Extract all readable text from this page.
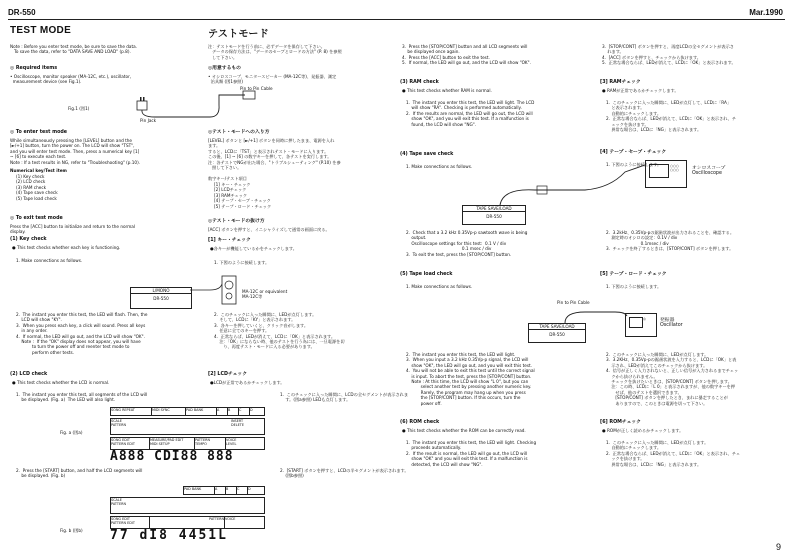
DR-550	Mar.1990
9
TEST MODE
Note : Before you enter test mode, be sure to save the data.
To save the data, refer to "DATA SAVE AND LOAD" (p.8).
◎ Required items
• Oscilloscope, monitor speaker (MA-12C, etc.), oscillator,
measurement device (see Fig.1).
Fig.1 (図1)
Pin Jack
Pin to Pin Cable
◎ To enter test mode
While simultaneously pressing the [LEVEL] button and the
[►/+1] button, turn the power on. The LCD will show "TST",
and you will enter test mode. Then, press a numerical key [1]
~ [6] to execute each test.
Note : If a test results in NG, refer to "Troubleshooting" (p.10).
Numerical key/Test item
(1) Key check
(2) LCD check
(3) RAM check
(4) Tape save check
(5) Tape load check
◎ To exit test mode
Press the [ACC] button to initialize and return to the normal
display.
(1) Key check
● This test checks whether each key is functioning.
1. Make connections as follows.
L/MONO
DR-550
MA-12C or equivalent
MA-12C等
2.  The instant you enter this test, the LED will flash. Then, the
LCD will show "KY".
3.  When you press each key, a click will sound. Press all keys
in any order.
4.  If normal, the LED will go out, and the LCD will show "OK".
Note :  If the "OK" display does not appear, you will have
to turn the power off and reenter test mode to
perform other tests.
(2) LCD check
● This test checks whether the LCD is normal.
1.  The instant you enter this test, all segments of the LCD will
be displayed. (Fig. a)  The LED will also light.
Fig. a (図a)
SONG REPEAT	MIDI SYNC	PAD BANK	A	B	C	D
SCALE	INSERT
PATTERN	DELETE
SONG EDIT
PATTERN EDIT
MEASURE/PAD EDIT
MIDI SETUP
PATTERN
TEMPO
VOICE
LEVEL
A888 CDI88 888
2.  Press the [START] button, and half the LCD segments will
be displayed. (Fig. b)
Fig. b (図b)
PAD BANK	A	B	C	D
SCALE
PATTERN
SONG EDIT
PATTERN EDIT
PATTERN VOICE
77 dI8 4451L
テストモード
注：テストモードを行う前に、必ずデータを保存して下さい。
データの保存方法は、"データのセーブとロードの方法" (P. 8) を参照
して下さい。
◎用意するもの
• オシロスコープ、モニタースピーカー (MA-12C等)、発振器、測定
治具類 (図1参照)
◎テスト・モードへの入り方
[LEVEL] ボタンと [►/+1] ボタンを同時に押したまま、電源を入れ
ます。
すると、LCDに「TST」と表示されテスト・モードに入ります。
この後、[1] ~ [6] の数字キーを押して、各テストを実行します。
注：各テストでNGが出た場合、"トラブルシューティング" (P.10) を参
照して下さい。
数字キー/テスト項目
[1] キー・チェック
[2] LCDチェック
[3] RAMチェック
[4] テープ・セーブ・チェック
[5] テープ・ロード・チェック
◎テスト・モードの抜け方
[ACC] ボタンを押すと、イニシャライズして通常の画面に戻る。
[1] キー・チェック
●各キーが機能しているかをチェックします。
1. 下図のように接続します。
2.  このチェックに入った瞬間に、LEDが点灯します。
そして、LCDに「KY」と表示されます。
3.  各キーを押していくと、クリック音がします。
任意に全てのキーを押す。
4.  正常ならば、LEDが消えて、LCDに「OK」と表示されます。
注：「OK」にならない時、他のテストを行う為には、一旦電源を切
り、再度テスト・モードに入る必要があります。
[2] LCDチェック
●LCDが正常であるかチェックします。
1.  このチェックに入った瞬間に、LCDの全セグメントが表示されま
す。(図a参照) LEDも点灯します。
2.  [START] ボタンを押すと、LCDの半セグメントが表示されます。
(図b参照)
3.  Press the [STOP/CONT] button and all LCD segments will
be displayed once again.
4.  Press the [ACC] button to exit the test.
5.  If normal, the LED will go out, and the LCD will show "OK".
(3) RAM check
● This test checks whether RAM is normal.
1.  The instant you enter this test, the LED will light. The LCD
will show "RA". Checking is performed automatically.
2.  If the results are normal, the LED will go out, the LCD will
show "OK", and you will exit this test. If a malfunction is
found, the LCD will show "NG".
(4) Tape save check
1. Make connections as follows.
TAPE SAVE/LOAD
DR-550
○○○
○○○	オシロスコープ
Oscilloscope
2.  Check that a 3.2 kHz 0.35Vp-p sawtooth wave is being
output.
Oscilloscope settings for this test:  0.1 V / div
0.1 msec / div
3.  To exit the test, press the [STOP/CONT] button.
(5) Tape load check
1. Make connections as follows.
Pin to Pin Cable
TAPE SAVE/LOAD
DR-550
◎	発振器
Oscillator
2.  The instant you enter this test, the LED will light.
3.  When you input a 3.2 kHz 0.35Vp-p signal, the LCD will
show "OK", the LED will go out, and you will exit this test.
4.  You will not be able to exit this test until the correct signal
is input. To abort the test, press the [STOP/CONT] button.
Note : At this time, the LCD will show "L 0", but you can
select another test by pressing another numeric key.
Rarely, the program may hang up when you press
the [STOP/CONT] button. If this occurs, turn the
power off.
(6) ROM check
● This test checks whether the ROM can be correctly read.
1.  The instant you enter this test, the LED will light. Checking
proceeds automatically.
2.  If the result is normal, the LED will go out, the LCD will
show "OK" and you will exit this test. If a malfunction is
detected, the LCD will show "NG".
3.  [STOP/CONT] ボタンを押すと、再度LCDの全セグメントが表示さ
れます。
4.  [ACC] ボタンを押すと、チェックから抜けます。
5.  正常な場合ならば、LEDが消えて、LCDに「OK」と表示されます。
[3] RAMチェック
● RAMが正常であるかチェックします。
1.  このチェックに入った瞬間に、LEDが点灯して、LCDに「RA」
と表示されます。
自動的にチェックします。
2.  正常な場合ならば、LEDが消えて、LCDに「OK」と表示され、チ
ェックを抜けます。
異常な場合は、LCDに「NG」と表示されます。
[4] テープ・セーブ・チェック
1. 下図のように接続します。
2.  3.2kHz、0.35Vp-pの鋸歯状波が出力されることを、確認する。
測定時のオシロの設定：0.1V / div
0.1msec / div
3.  チェックを終了するときは、[STOP/CONT] ボタンを押します。
[5] テープ・ロード・チェック
1. 下図のように接続します。
2.  このチェックに入った瞬間に、LEDが点灯します。
3.  3.2KHz、0.35Vp-pの鋸歯状波を入力すると、LCDに「OK」と表
示され、LEDが消えてこのチェックから抜けます。
4.  信号が正しく入力されないと、正しい信号が入力されるまでチェッ
クから抜けられません。
チェックを抜けたいときは、[STOP/CONT] ボタンを押します。
注：この時、LCDに「L 0」と表示されますが、他の数字キーを押
せば、他のテストを選択できます。
[STOP/CONT] ボタンを押したとき、まれに暴走することが
ありますので、このときは電源を切って下さい。
[6] ROMチェック
● ROMが正しく読めるかチェックします。
1.  このチェックに入った瞬間に、LEDが点灯します。
自動的にチェックします。
2.  正常な場合ならば、LEDが消えて、LCDに「OK」と表示され、チェ
ックを抜けます。
異常な場合は、LCDに「NG」と表示されます。
